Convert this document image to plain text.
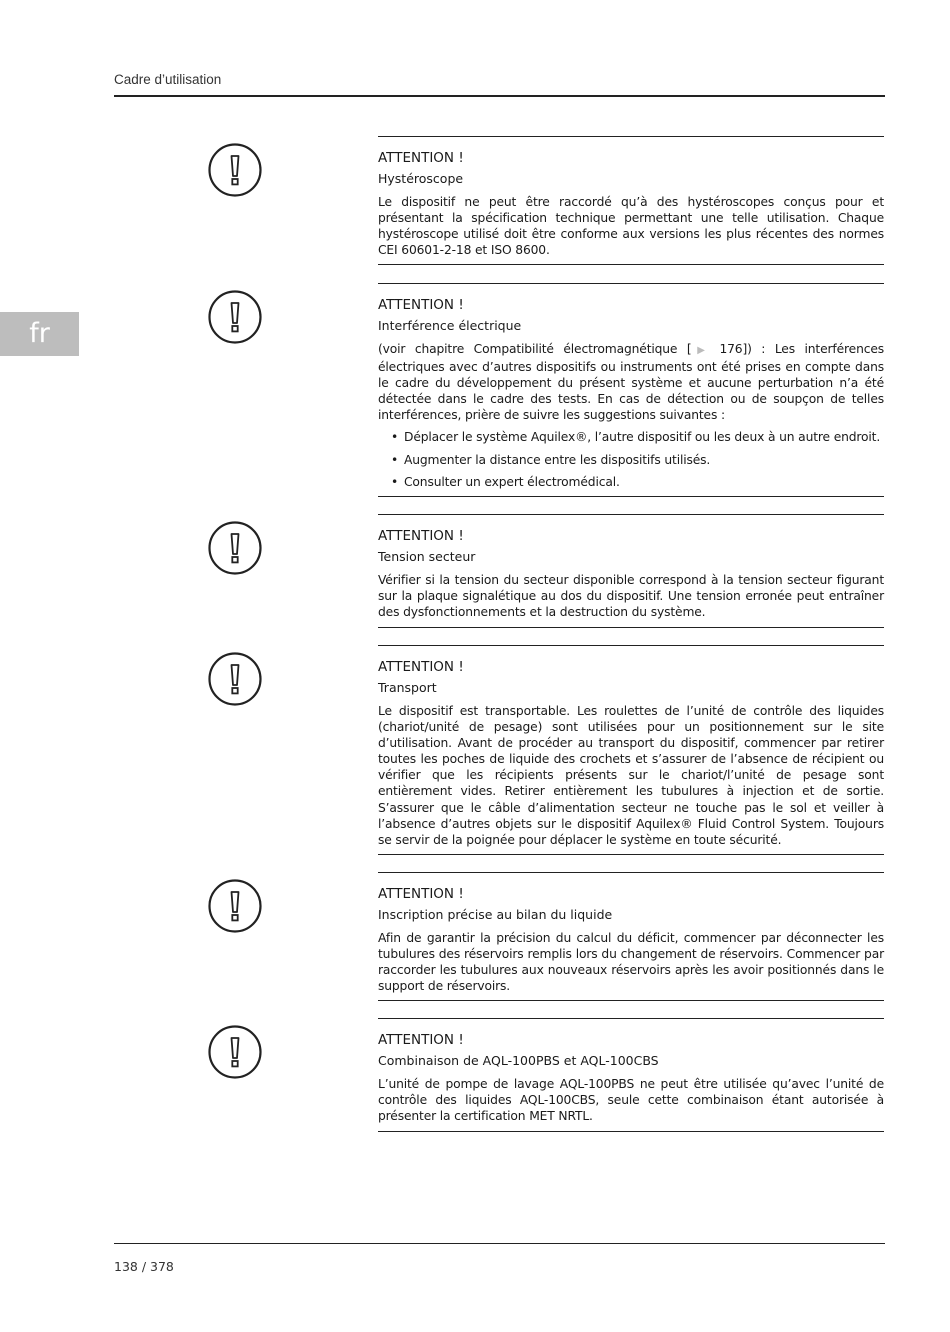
Cadre d’utilisation
fr
ATTENTION !
Hystéroscope
Le dispositif ne peut être raccordé qu’à des hystéroscopes conçus pour et présentant la spécification technique permettant une telle utilisation. Chaque hystéroscope utilisé doit être conforme aux versions les plus récentes des normes CEI 60601-2-18 et ISO 8600.
ATTENTION !
Interférence électrique
(voir chapitre Compatibilité électromagnétique [▶ 176]) : Les interférences électriques avec d’autres dispositifs ou instruments ont été prises en compte dans le cadre du développement du présent système et aucune perturbation n’a été détectée dans le cadre des tests. En cas de détection ou de soupçon de telles interférences, prière de suivre les suggestions suivantes :
• Déplacer le système Aquilex®, l’autre dispositif ou les deux à un autre endroit.
• Augmenter la distance entre les dispositifs utilisés.
• Consulter un expert électromédical.
ATTENTION !
Tension secteur
Vérifier si la tension du secteur disponible correspond à la tension secteur figurant sur la plaque signalétique au dos du dispositif. Une tension erronée peut entraîner des dysfonctionnements et la destruction du système.
ATTENTION !
Transport
Le dispositif est transportable. Les roulettes de l’unité de contrôle des liquides (chariot/unité de pesage) sont utilisées pour un positionnement sur le site d’utilisation. Avant de procéder au transport du dispositif, commencer par retirer toutes les poches de liquide des crochets et s’assurer de l’absence de récipient ou vérifier que les récipients présents sur le chariot/l’unité de pesage sont entièrement vides. Retirer entièrement les tubulures à injection et de sortie. S’assurer que le câble d’alimentation secteur ne touche pas le sol et veiller à l’absence d’autres objets sur le dispositif Aquilex® Fluid Control System. Toujours se servir de la poignée pour déplacer le système en toute sécurité.
ATTENTION !
Inscription précise au bilan du liquide
Afin de garantir la précision du calcul du déficit, commencer par déconnecter les tubulures des réservoirs remplis lors du changement de réservoirs. Commencer par raccorder les tubulures aux nouveaux réservoirs après les avoir positionnés dans le support de réservoirs.
ATTENTION !
Combinaison de AQL-100PBS et AQL-100CBS
L’unité de pompe de lavage AQL-100PBS ne peut être utilisée qu’avec l’unité de contrôle des liquides AQL-100CBS, seule cette combinaison étant autorisée à présenter la certification MET NRTL.
138 / 378
